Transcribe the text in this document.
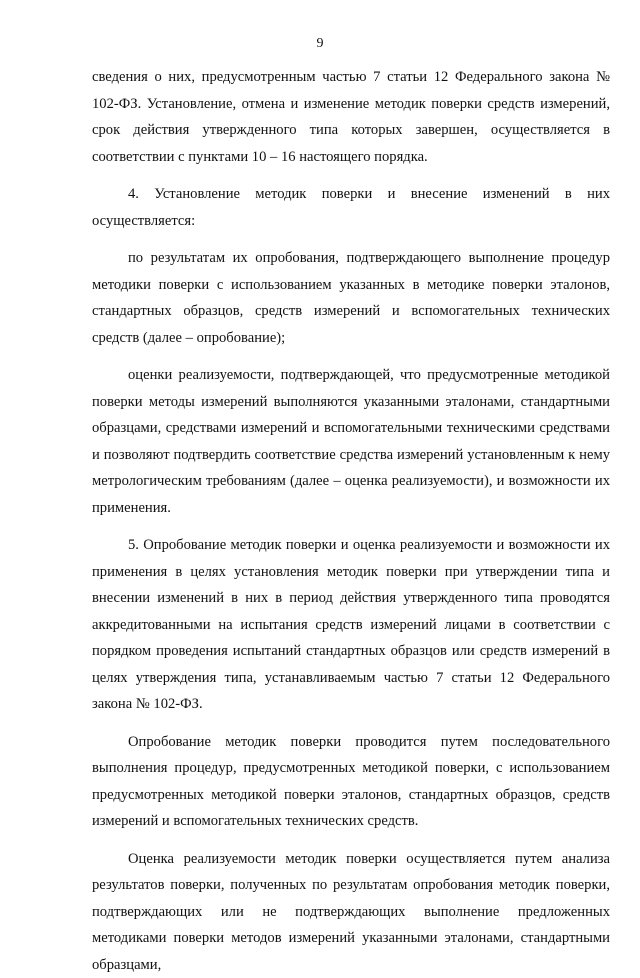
9

сведения о них, предусмотренным частью 7 статьи 12 Федерального закона № 102-ФЗ. Установление, отмена и изменение методик поверки средств измерений, срок действия утвержденного типа которых завершен, осуществляется в соответствии с пунктами 10 – 16 настоящего порядка.

4. Установление методик поверки и внесение изменений в них осуществляется:

по результатам их опробования, подтверждающего выполнение процедур методики поверки с использованием указанных в методике поверки эталонов, стандартных образцов, средств измерений и вспомогательных технических средств (далее – опробование);

оценки реализуемости, подтверждающей, что предусмотренные методикой поверки методы измерений выполняются указанными эталонами, стандартными образцами, средствами измерений и вспомогательными техническими средствами и позволяют подтвердить соответствие средства измерений установленным к нему метрологическим требованиям (далее – оценка реализуемости), и возможности их применения.

5. Опробование методик поверки и оценка реализуемости и возможности их применения в целях установления методик поверки при утверждении типа и внесении изменений в них в период действия утвержденного типа проводятся аккредитованными на испытания средств измерений лицами в соответствии с порядком проведения испытаний стандартных образцов или средств измерений в целях утверждения типа, устанавливаемым частью 7 статьи 12 Федерального закона № 102-ФЗ.

Опробование методик поверки проводится путем последовательного выполнения процедур, предусмотренных методикой поверки, с использованием предусмотренных методикой поверки эталонов, стандартных образцов, средств измерений и вспомогательных технических средств.

Оценка реализуемости методик поверки осуществляется путем анализа результатов поверки, полученных по результатам опробования методик поверки, подтверждающих или не подтверждающих выполнение предложенных методиками поверки методов измерений указанными эталонами, стандартными образцами,
